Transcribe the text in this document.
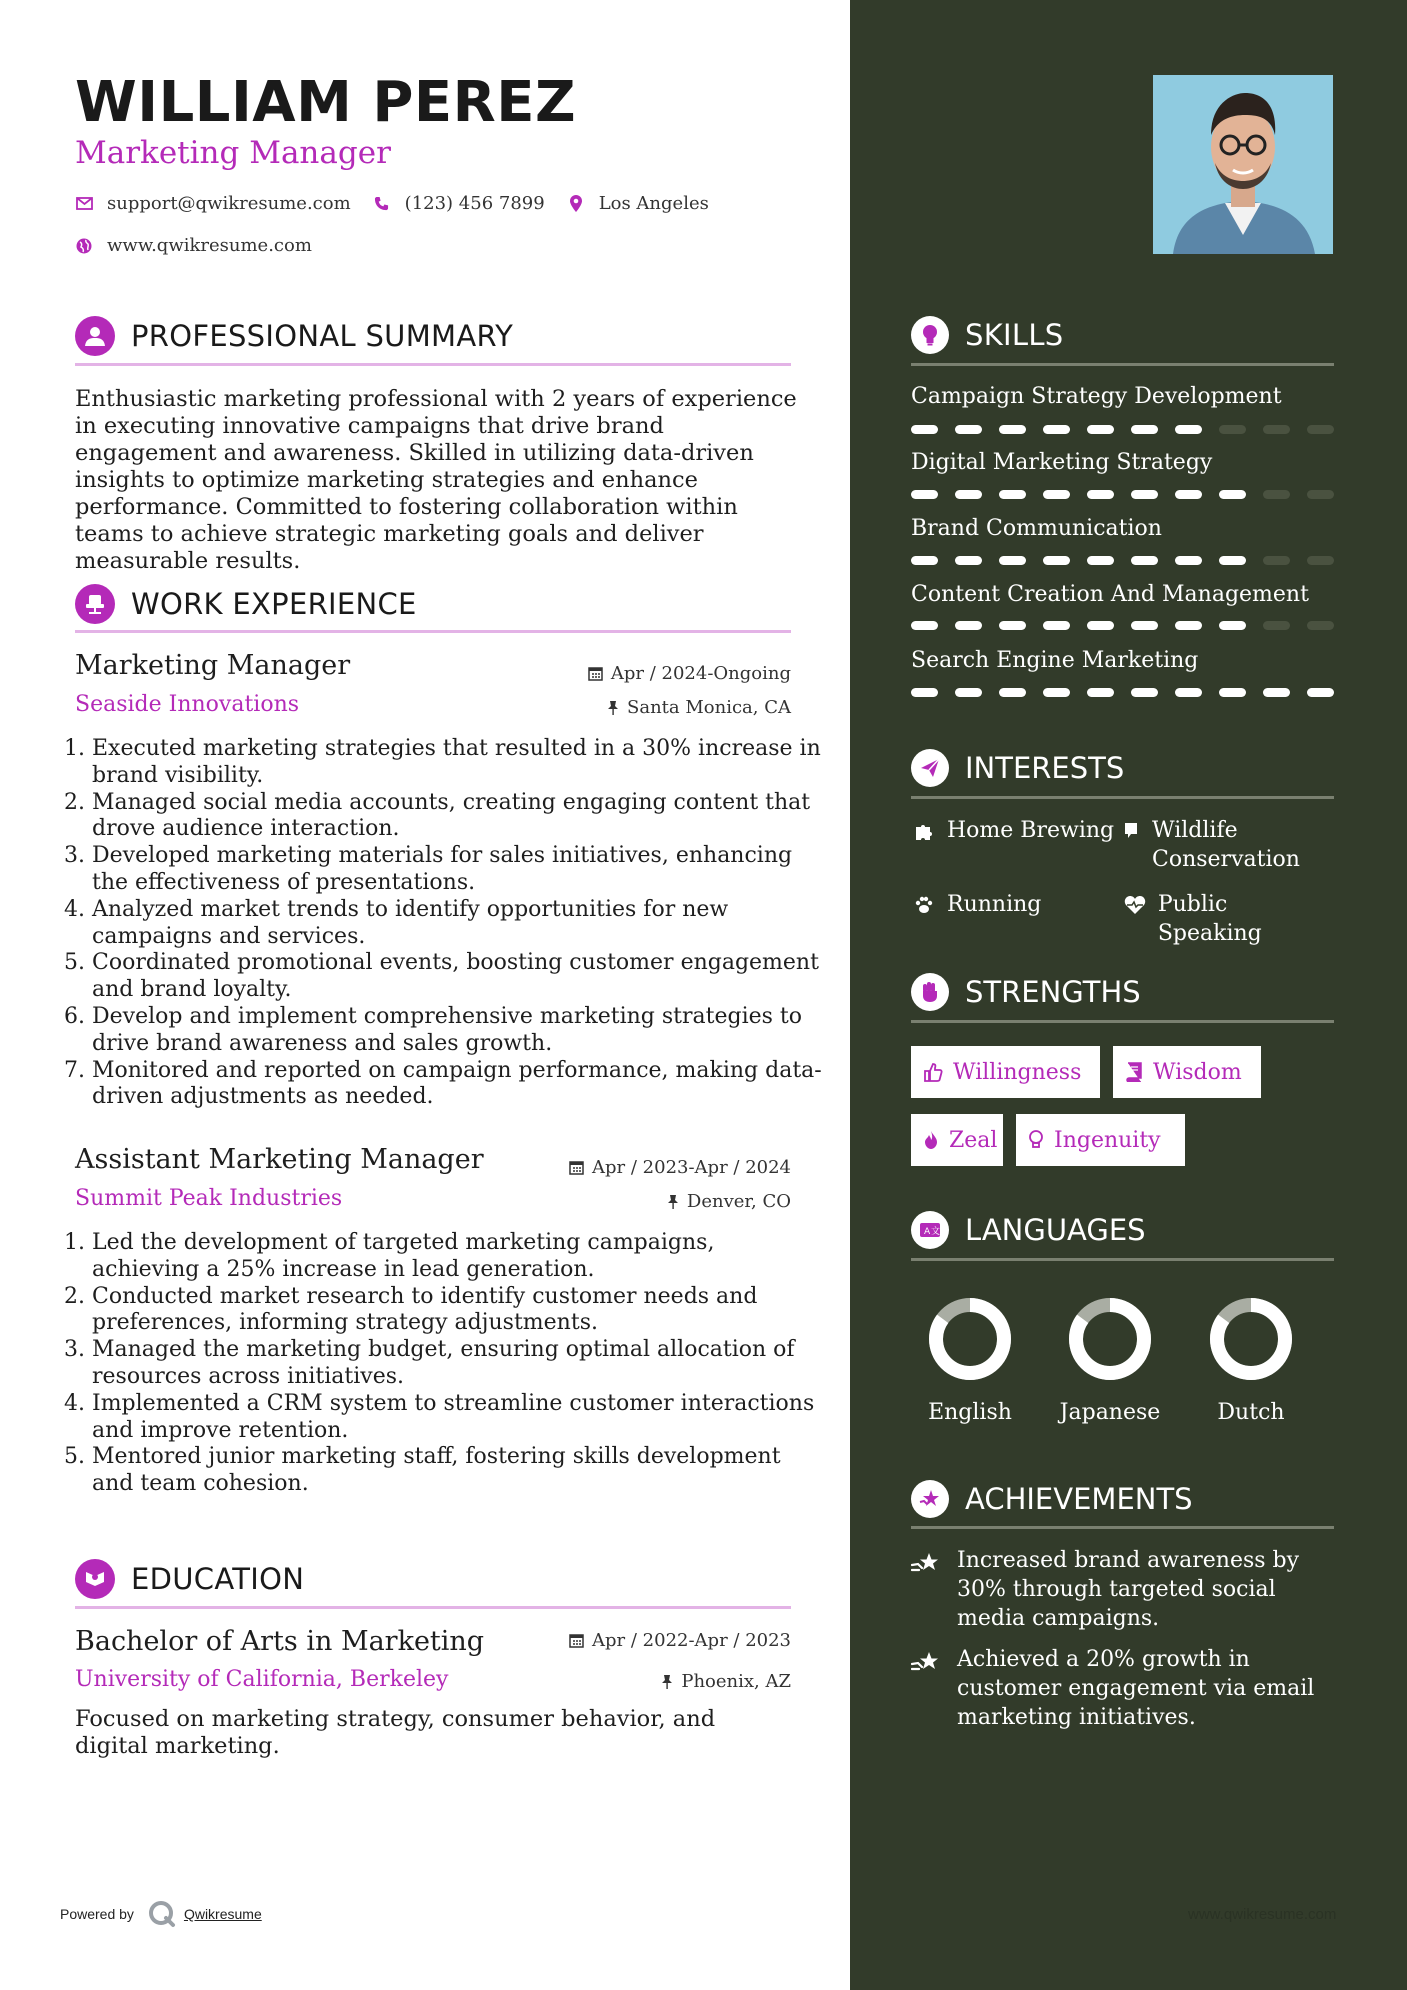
WILLIAM PEREZ
Marketing Manager
support@qwikresume.com	(123) 456 7899	Los Angeles
www.qwikresume.com
PROFESSIONAL SUMMARY
Enthusiastic marketing professional with 2 years of experience in executing innovative campaigns that drive brand engagement and awareness. Skilled in utilizing data-driven insights to optimize marketing strategies and enhance performance. Committed to fostering collaboration within teams to achieve strategic marketing goals and deliver measurable results.
WORK EXPERIENCE
Marketing Manager	Apr / 2024-Ongoing
Seaside Innovations	Santa Monica, CA
1. Executed marketing strategies that resulted in a 30% increase in brand visibility.
2. Managed social media accounts, creating engaging content that drove audience interaction.
3. Developed marketing materials for sales initiatives, enhancing the effectiveness of presentations.
4. Analyzed market trends to identify opportunities for new campaigns and services.
5. Coordinated promotional events, boosting customer engagement and brand loyalty.
6. Develop and implement comprehensive marketing strategies to drive brand awareness and sales growth.
7. Monitored and reported on campaign performance, making data-driven adjustments as needed.
Assistant Marketing Manager	Apr / 2023-Apr / 2024
Summit Peak Industries	Denver, CO
1. Led the development of targeted marketing campaigns, achieving a 25% increase in lead generation.
2. Conducted market research to identify customer needs and preferences, informing strategy adjustments.
3. Managed the marketing budget, ensuring optimal allocation of resources across initiatives.
4. Implemented a CRM system to streamline customer interactions and improve retention.
5. Mentored junior marketing staff, fostering skills development and team cohesion.
EDUCATION
Bachelor of Arts in Marketing	Apr / 2022-Apr / 2023
University of California, Berkeley	Phoenix, AZ
Focused on marketing strategy, consumer behavior, and digital marketing.
Powered by	Qwikresume
SKILLS
Campaign Strategy Development
Digital Marketing Strategy
Brand Communication
Content Creation And Management
Search Engine Marketing
INTERESTS
Home Brewing Wildlife Conservation
Running	Public Speaking
STRENGTHS
Willingness	Wisdom
Zeal	Ingenuity
A 文 LANGUAGES
English	Japanese	Dutch
ACHIEVEMENTS
Increased brand awareness by 30% through targeted social media campaigns.
Achieved a 20% growth in customer engagement via email marketing initiatives.
www.qwikresume.com
